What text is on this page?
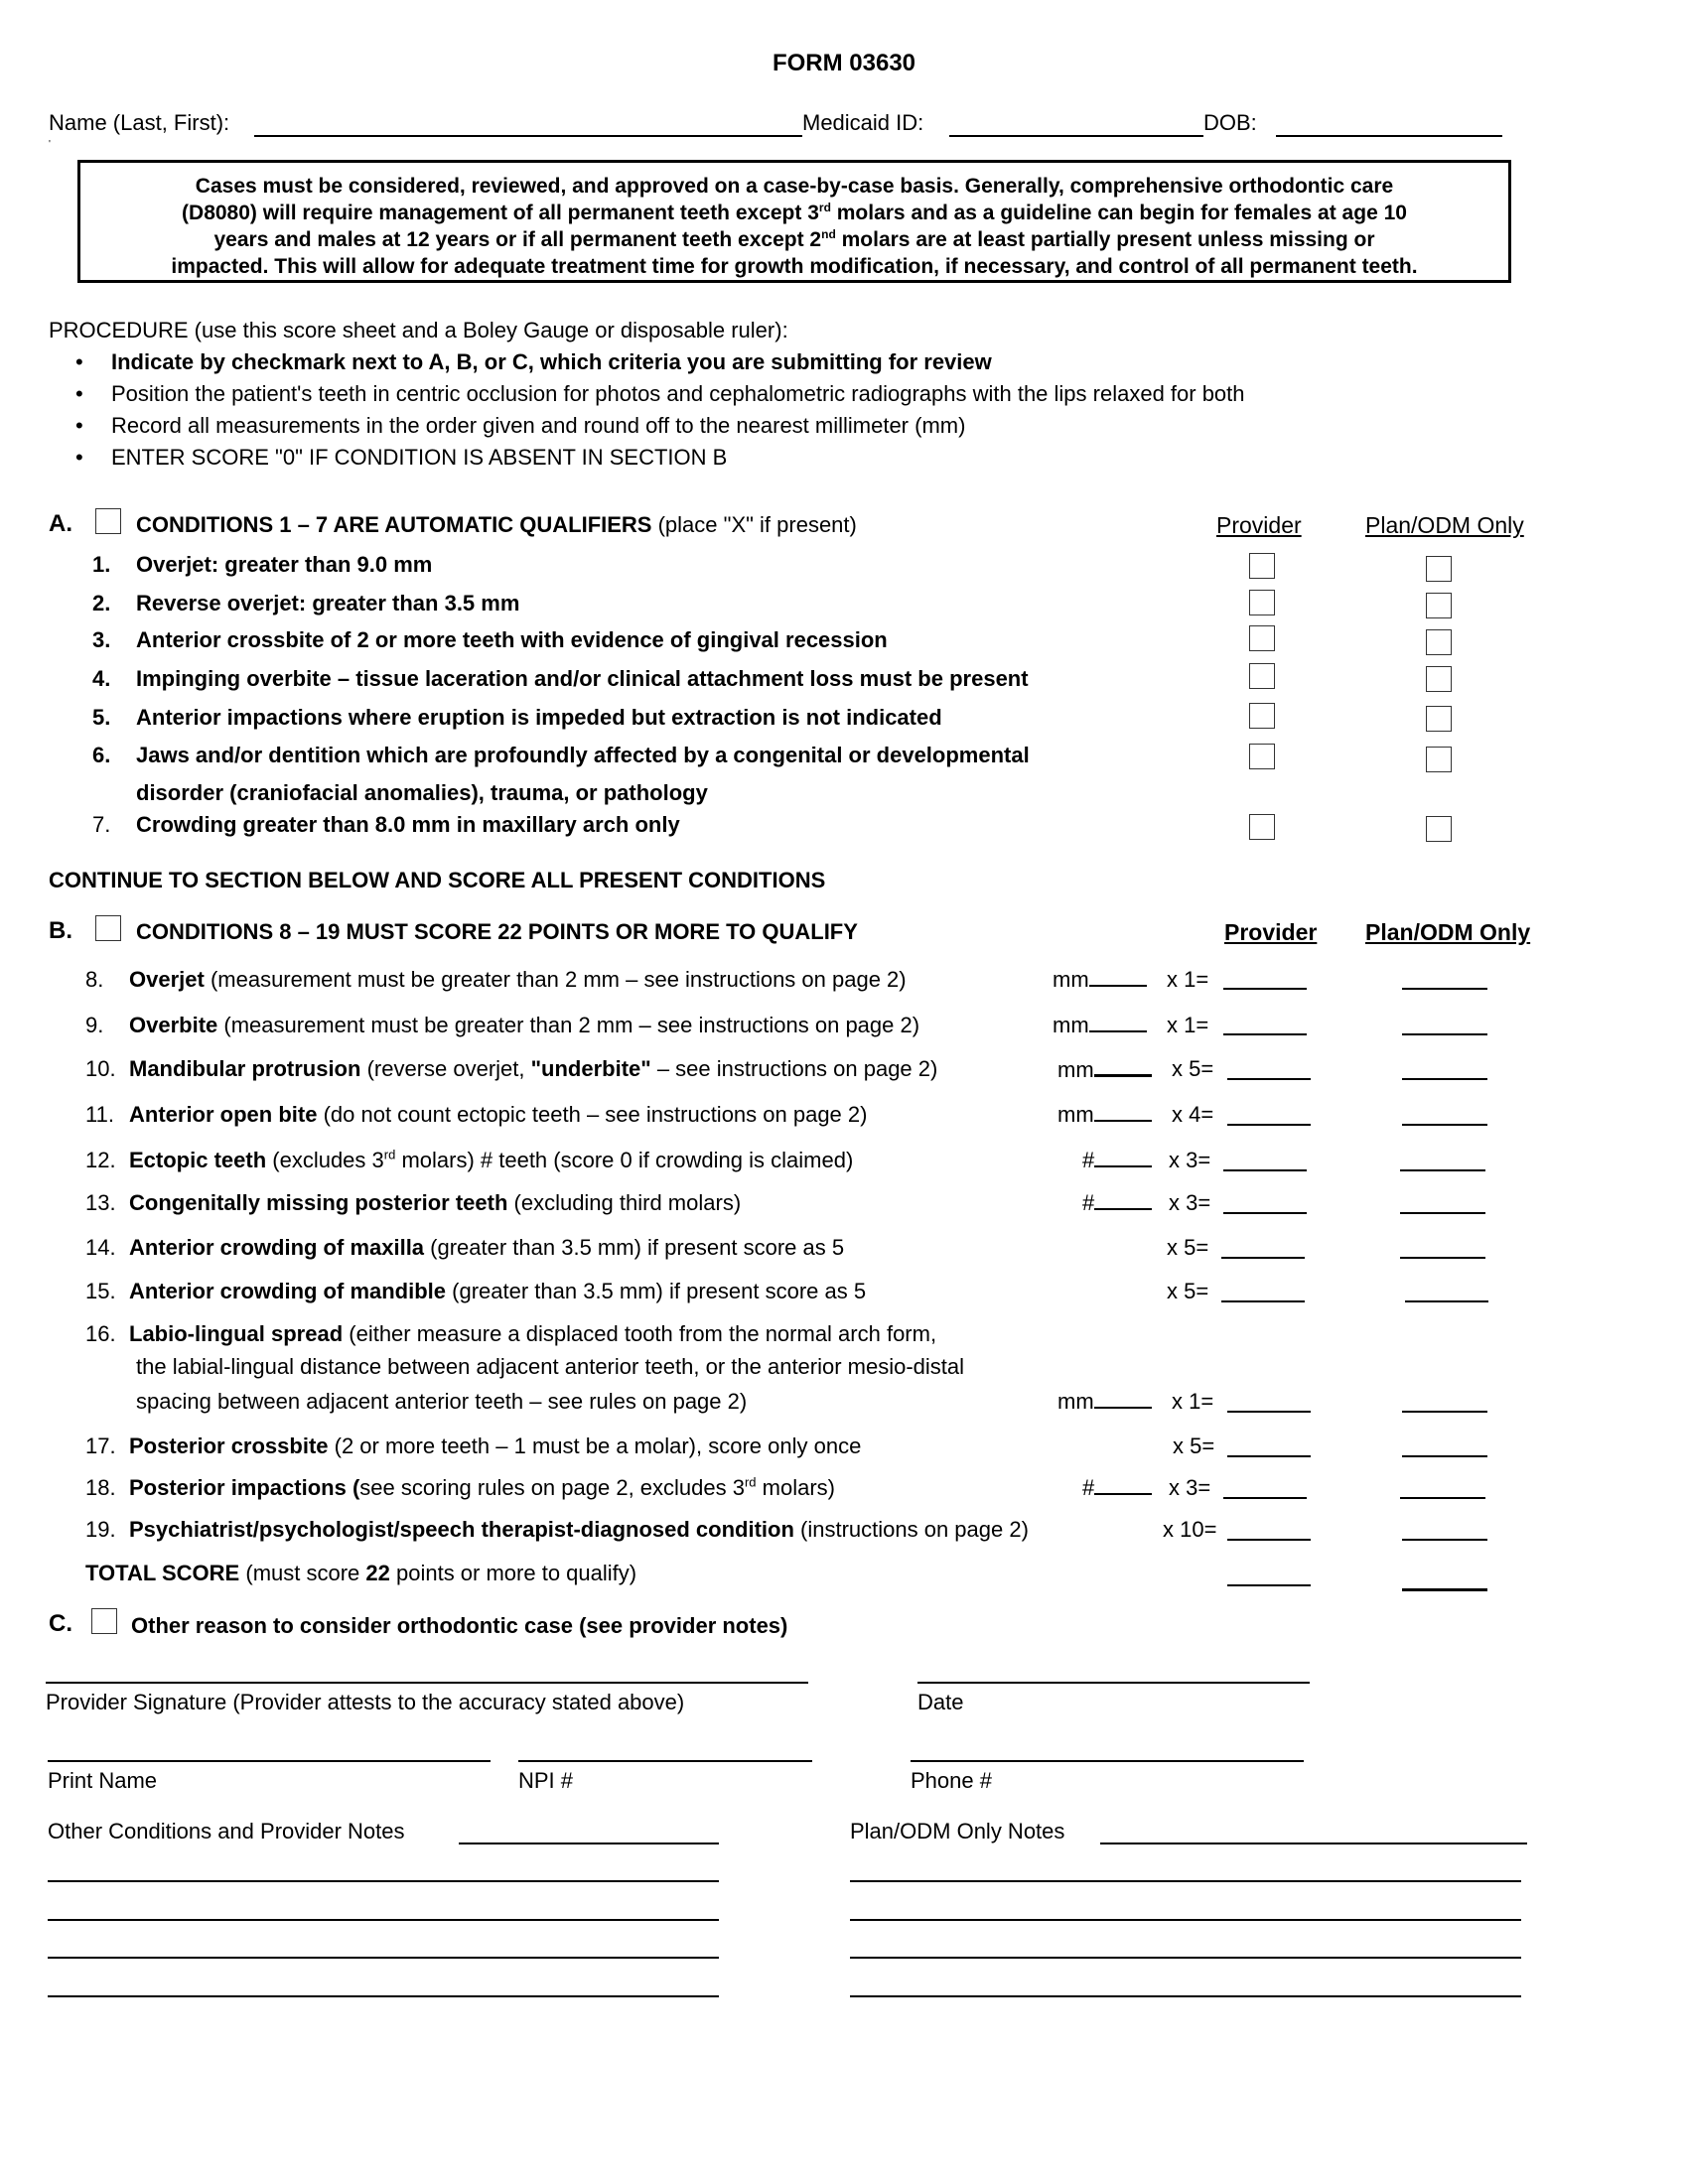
FORM 03630
Name (Last, First):	Medicaid ID:	DOB:
'
Cases must be considered, reviewed, and approved on a case-by-case basis. Generally, comprehensive orthodontic care
(D8080) will require management of all permanent teeth except 3rd molars and as a guideline can begin for females at age 10
years and males at 12 years or if all permanent teeth except 2nd molars are at least partially present unless missing or
impacted. This will allow for adequate treatment time for growth modification, if necessary, and control of all permanent teeth.
PROCEDURE (use this score sheet and a Boley Gauge or disposable ruler):
• Indicate by checkmark next to A, B, or C, which criteria you are submitting for review
• Position the patient's teeth in centric occlusion for photos and cephalometric radiographs with the lips relaxed for both
• Record all measurements in the order given and round off to the nearest millimeter (mm)
• ENTER SCORE "0" IF CONDITION IS ABSENT IN SECTION B
A.	CONDITIONS 1 – 7 ARE AUTOMATIC QUALIFIERS (place "X" if present)	Provider	Plan/ODM Only
1. Overjet: greater than 9.0 mm
2. Reverse overjet: greater than 3.5 mm
3. Anterior crossbite of 2 or more teeth with evidence of gingival recession
4. Impinging overbite – tissue laceration and/or clinical attachment loss must be present
5. Anterior impactions where eruption is impeded but extraction is not indicated
6. Jaws and/or dentition which are profoundly affected by a congenital or developmental
disorder (craniofacial anomalies), trauma, or pathology
7. Crowding greater than 8.0 mm in maxillary arch only
CONTINUE TO SECTION BELOW AND SCORE ALL PRESENT CONDITIONS
B.	CONDITIONS 8 – 19 MUST SCORE 22 POINTS OR MORE TO QUALIFY	Provider Plan/ODM Only
8. Overjet (measurement must be greater than 2 mm – see instructions on page 2)	mm	x 1=
9. Overbite (measurement must be greater than 2 mm – see instructions on page 2)	mm	x 1=
10. Mandibular protrusion (reverse overjet, "underbite" – see instructions on page 2)	mm	x 5=
11. Anterior open bite (do not count ectopic teeth – see instructions on page 2)	mm	x 4=
12. Ectopic teeth (excludes 3rd molars) # teeth (score 0 if crowding is claimed)	#	x 3=
13. Congenitally missing posterior teeth (excluding third molars)	#	x 3=
14. Anterior crowding of maxilla (greater than 3.5 mm) if present score as 5	x 5=
15. Anterior crowding of mandible (greater than 3.5 mm) if present score as 5	x 5=
16. Labio-lingual spread (either measure a displaced tooth from the normal arch form,
the labial-lingual distance between adjacent anterior teeth, or the anterior mesio-distal
spacing between adjacent anterior teeth – see rules on page 2)	mm	x 1=
17. Posterior crossbite (2 or more teeth – 1 must be a molar), score only once	x 5=
18. Posterior impactions (see scoring rules on page 2, excludes 3rd molars)	#	x 3=
19. Psychiatrist/psychologist/speech therapist-diagnosed condition (instructions on page 2)	x 10=
TOTAL SCORE (must score 22 points or more to qualify)
C.	Other reason to consider orthodontic case (see provider notes)
Provider Signature (Provider attests to the accuracy stated above)	Date
Print Name	NPI #	Phone #
Other Conditions and Provider Notes	Plan/ODM Only Notes
